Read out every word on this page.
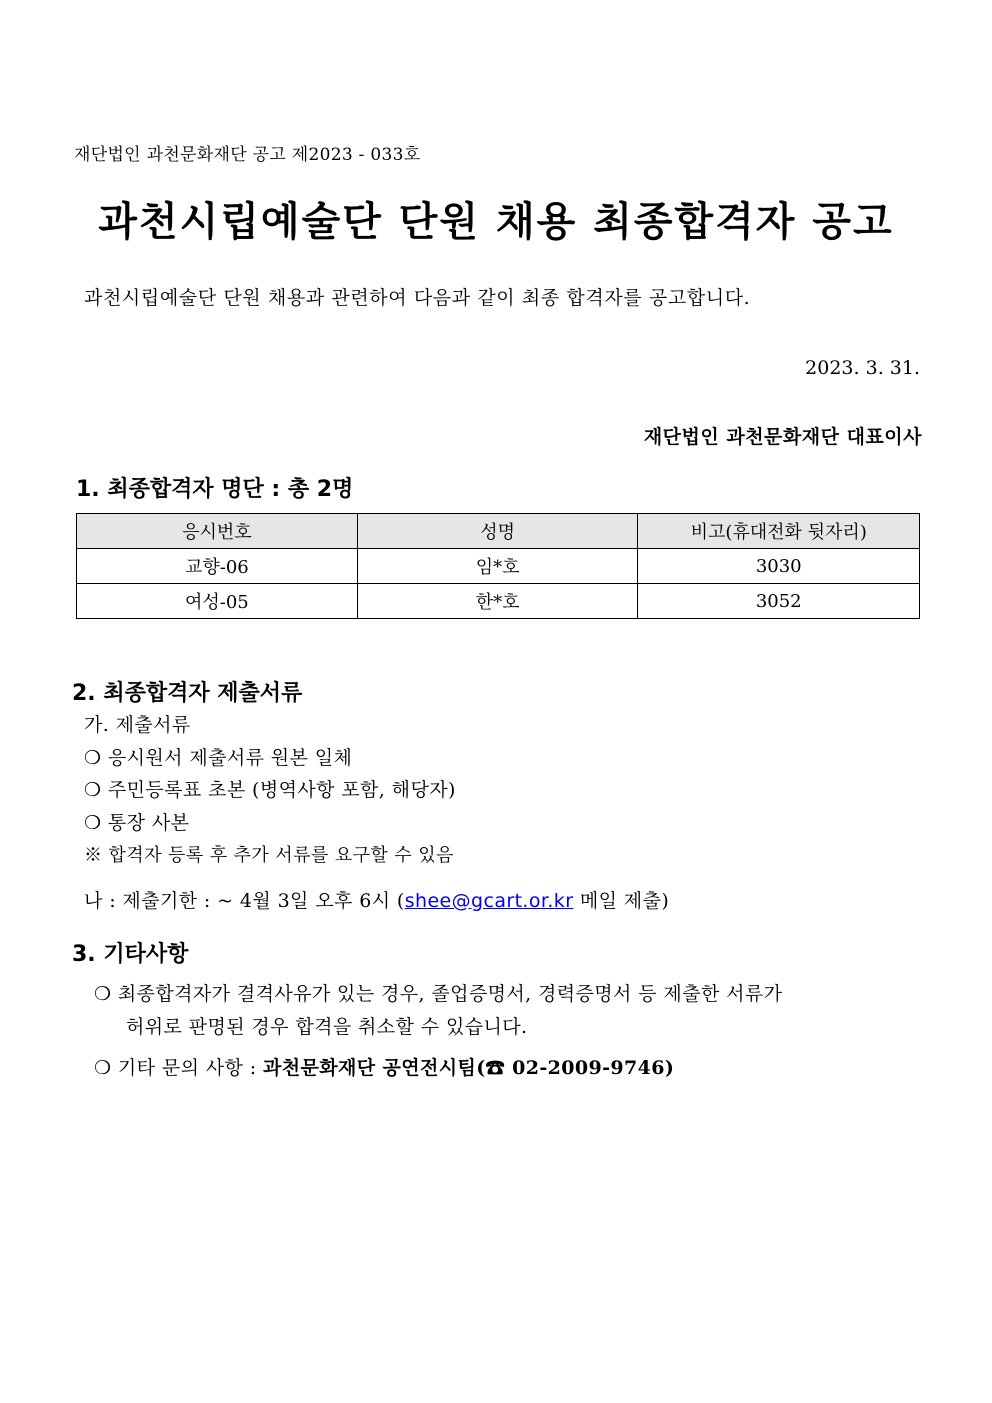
재단법인 과천문화재단 공고 제2023 - 033호
과천시립예술단 단원 채용 최종합격자 공고
과천시립예술단 단원 채용과 관련하여 다음과 같이 최종 합격자를 공고합니다.
2023. 3. 31.
재단법인 과천문화재단 대표이사
1. 최종합격자 명단 : 총 2명
응시번호	성명	비고(휴대전화 뒷자리)
교향-06	임*호	3030
여성-05	한*호	3052
2. 최종합격자 제출서류
가. 제출서류
❍ 응시원서 제출서류 원본 일체
❍ 주민등록표 초본 (병역사항 포함, 해당자)
❍ 통장 사본
※ 합격자 등록 후 추가 서류를 요구할 수 있음
나 : 제출기한 : ~ 4월 3일 오후 6시 (shee@gcart.or.kr 메일 제출)
3. 기타사항
❍ 최종합격자가 결격사유가 있는 경우, 졸업증명서, 경력증명서 등 제출한 서류가
허위로 판명된 경우 합격을 취소할 수 있습니다.
❍ 기타 문의 사항 : 과천문화재단 공연전시팀(☎ 02-2009-9746)
